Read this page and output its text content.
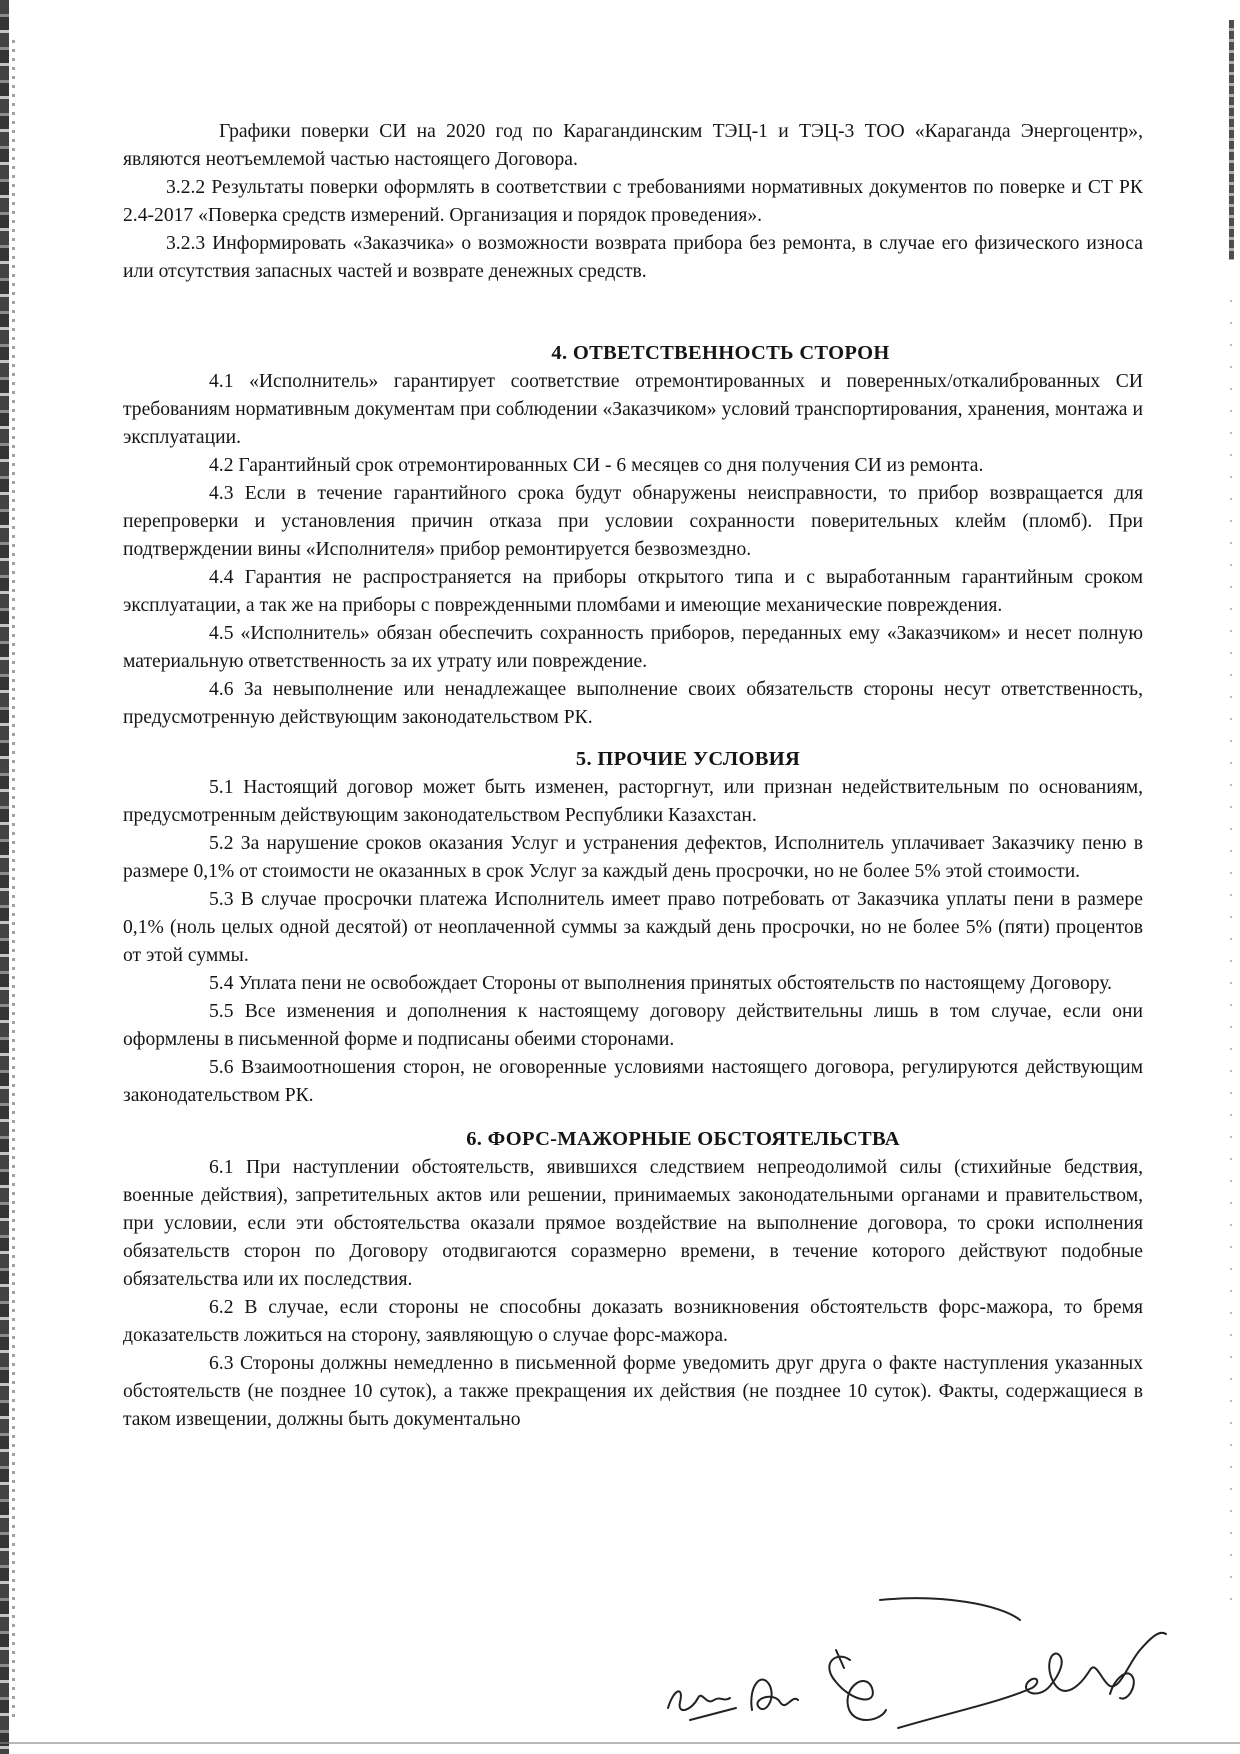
Графики поверки СИ на 2020 год по Карагандинским ТЭЦ-1 и ТЭЦ-3 ТОО «Караганда Энергоцентр», являются неотъемлемой частью настоящего Договора.

3.2.2 Результаты поверки оформлять в соответствии с требованиями нормативных документов по поверке и СТ РК 2.4-2017 «Поверка средств измерений. Организация и порядок проведения».

3.2.3 Информировать «Заказчика» о возможности возврата прибора без ремонта, в случае его физического износа или отсутствия запасных частей и возврате денежных средств.

4. ОТВЕТСТВЕННОСТЬ СТОРОН

4.1 «Исполнитель» гарантирует соответствие отремонтированных и поверенных/откалиброванных СИ требованиям нормативным документам при соблюдении «Заказчиком» условий транспортирования, хранения, монтажа и эксплуатации.

4.2 Гарантийный срок отремонтированных СИ - 6 месяцев со дня получения СИ из ремонта.

4.3 Если в течение гарантийного срока будут обнаружены неисправности, то прибор возвращается для перепроверки и установления причин отказа при условии сохранности поверительных клейм (пломб). При подтверждении вины «Исполнителя» прибор ремонтируется безвозмездно.

4.4 Гарантия не распространяется на приборы открытого типа и с выработанным гарантийным сроком эксплуатации, а так же на приборы с поврежденными пломбами и имеющие механические повреждения.

4.5 «Исполнитель» обязан обеспечить сохранность приборов, переданных ему «Заказчиком» и несет полную материальную ответственность за их утрату или повреждение.

4.6 За невыполнение или ненадлежащее выполнение своих обязательств стороны несут ответственность, предусмотренную действующим законодательством РК.

5. ПРОЧИЕ УСЛОВИЯ

5.1 Настоящий договор может быть изменен, расторгнут, или признан недействительным по основаниям, предусмотренным действующим законодательством Республики Казахстан.

5.2 За нарушение сроков оказания Услуг и устранения дефектов, Исполнитель уплачивает Заказчику пеню в размере 0,1% от стоимости не оказанных в срок Услуг за каждый день просрочки, но не более 5% этой стоимости.

5.3 В случае просрочки платежа Исполнитель имеет право потребовать от Заказчика уплаты пени в размере 0,1% (ноль целых одной десятой) от неоплаченной суммы за каждый день просрочки, но не более 5% (пяти) процентов от этой суммы.

5.4 Уплата пени не освобождает Стороны от выполнения принятых обстоятельств по настоящему Договору.

5.5 Все изменения и дополнения к настоящему договору действительны лишь в том случае, если они оформлены в письменной форме и подписаны обеими сторонами.

5.6 Взаимоотношения сторон, не оговоренные условиями настоящего договора, регулируются действующим законодательством РК.

6. ФОРС-МАЖОРНЫЕ ОБСТОЯТЕЛЬСТВА

6.1 При наступлении обстоятельств, явившихся следствием непреодолимой силы (стихийные бедствия, военные действия), запретительных актов или решении, принимаемых законодательными органами и правительством, при условии, если эти обстоятельства оказали прямое воздействие на выполнение договора, то сроки исполнения обязательств сторон по Договору отодвигаются соразмерно времени, в течение которого действуют подобные обязательства или их последствия.

6.2 В случае, если стороны не способны доказать возникновения обстоятельств форс-мажора, то бремя доказательств ложиться на сторону, заявляющую о случае форс-мажора.

6.3 Стороны должны немедленно в письменной форме уведомить друг друга о факте наступления указанных обстоятельств (не позднее 10 суток), а также прекращения их действия (не позднее 10 суток). Факты, содержащиеся в таком извещении, должны быть документально
